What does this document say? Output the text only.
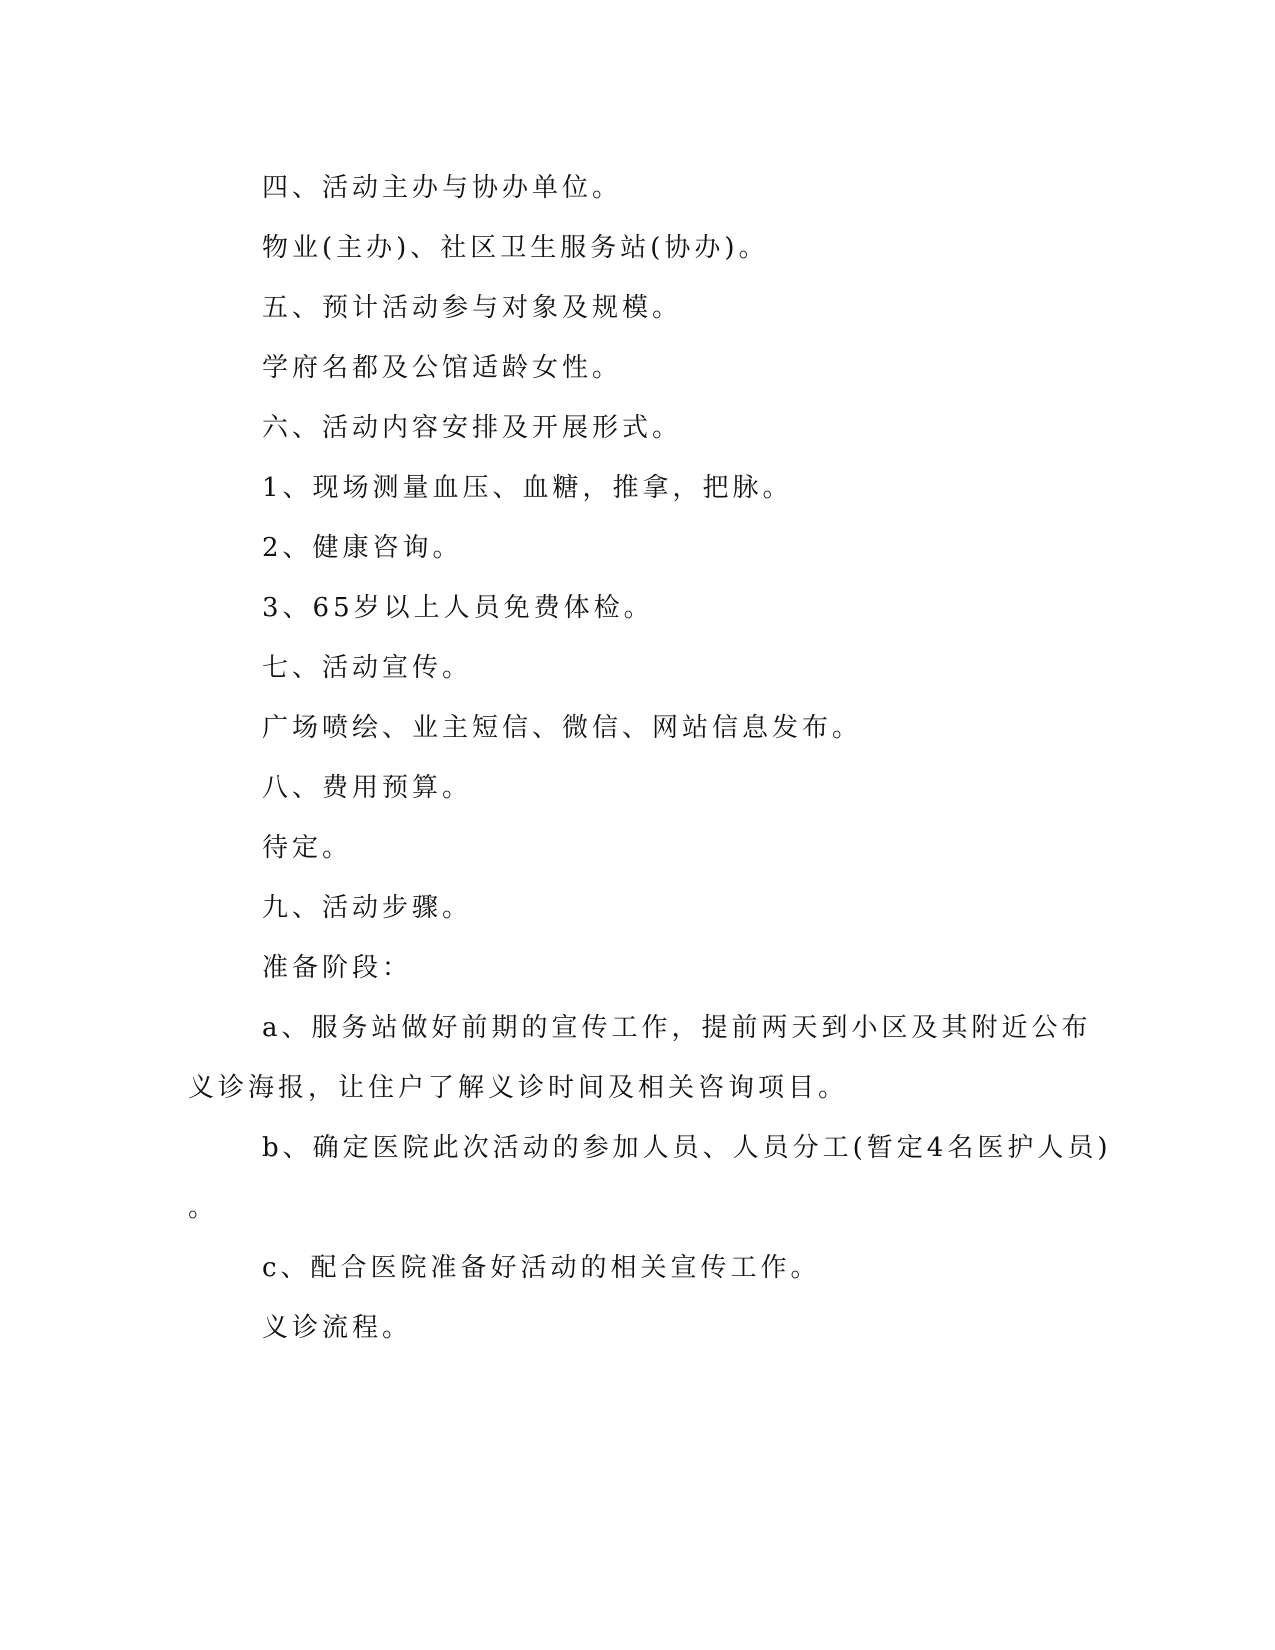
四、活动主办与协办单位。
物业(主办)、社区卫生服务站(协办)。
五、预计活动参与对象及规模。
学府名都及公馆适龄女性。
六、活动内容安排及开展形式。
1、现场测量血压、血糖，推拿，把脉。
2、健康咨询。
3、65岁以上人员免费体检。
七、活动宣传。
广场喷绘、业主短信、微信、网站信息发布。
八、费用预算。
待定。
九、活动步骤。
准备阶段：
a、服务站做好前期的宣传工作，提前两天到小区及其附近公布
义诊海报，让住户了解义诊时间及相关咨询项目。
b、确定医院此次活动的参加人员、人员分工(暂定4名医护人员)
。
c、配合医院准备好活动的相关宣传工作。
义诊流程。
